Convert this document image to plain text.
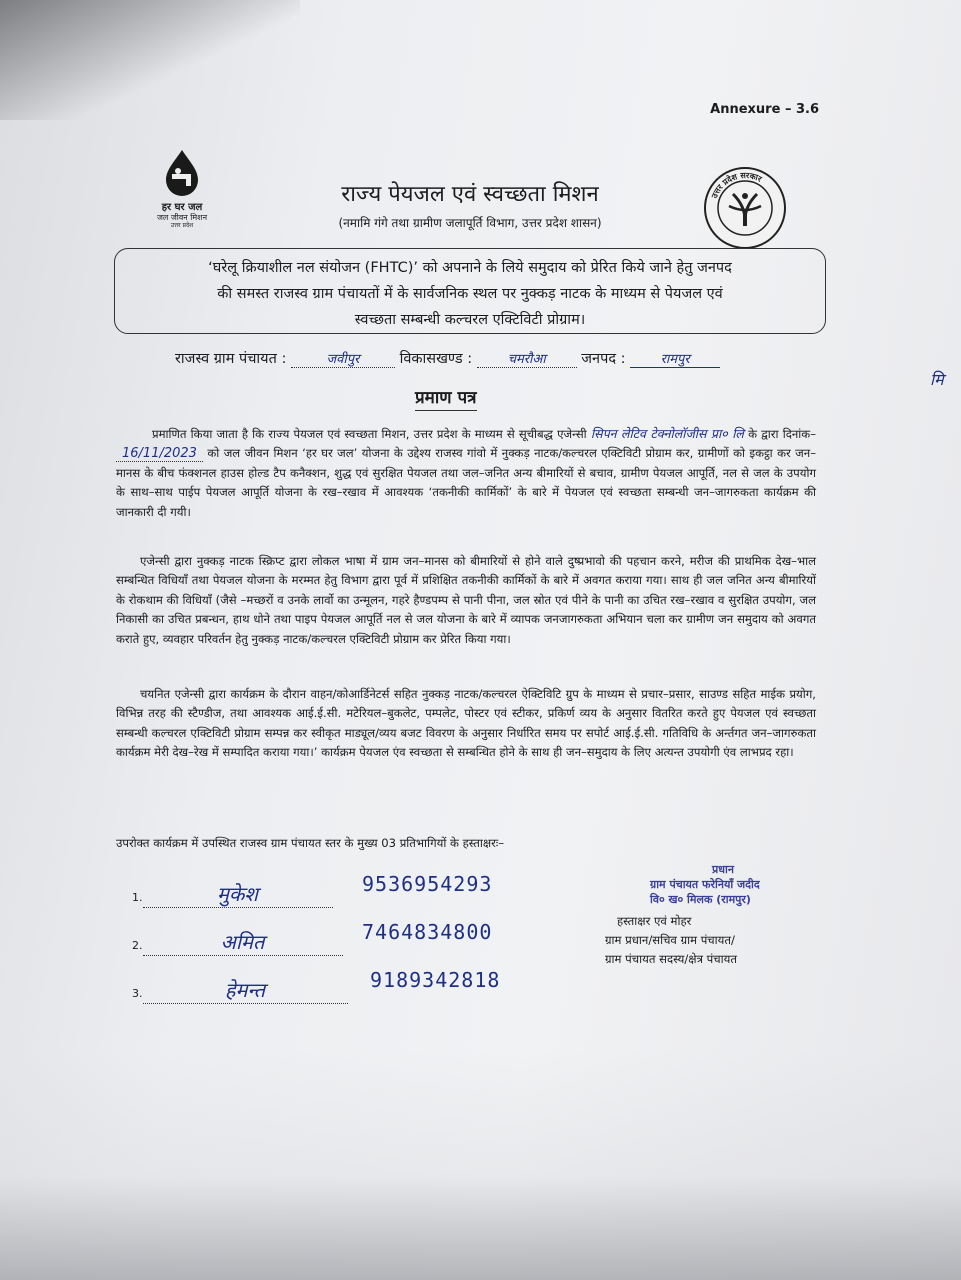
Annexure – 3.6
हर घर जल
जल जीवन मिशन
उत्तर प्रदेश
राज्य पेयजल एवं स्वच्छता मिशन
(नमामि गंगे तथा ग्रामीण जलापूर्ति विभाग, उत्तर प्रदेश शासन)
उत्तर प्रदेश सरकार
‘घरेलू क्रियाशील नल संयोजन (FHTC)’ को अपनाने के लिये समुदाय को प्रेरित किये जाने हेतु जनपद
की समस्त राजस्व ग्राम पंचायतों में के सार्वजनिक स्थल पर नुक्कड़ नाटक के माध्यम से पेयजल एवं
स्वच्छता सम्बन्धी कल्चरल एक्टिविटी प्रोग्राम।
राजस्व ग्राम पंचायत :	जवीपुर	विकासखण्ड :	चमरौआ जनपद :	रामपुर
मि
प्रमाण पत्र
प्रमाणित किया जाता है कि राज्य पेयजल एवं स्वच्छता मिशन, उत्तर प्रदेश के माध्यम से सूचीबद्ध एजेन्सी सिपन लेटिव टेक्नोलॉजीस प्रा० लि के द्वारा दिनांक–16/11/2023 को जल जीवन मिशन ‘हर घर जल’ योजना के उद्देश्य राजस्व गांवो में नुक्कड़ नाटक/कल्चरल एक्टिविटी प्रोग्राम कर, ग्रामीणों को इकट्ठा कर जन–मानस के बीच फंक्शनल हाउस होल्ड टैप कनैक्शन, शुद्ध एवं सुरक्षित पेयजल तथा जल–जनित अन्य बीमारियों से बचाव, ग्रामीण पेयजल आपूर्ति, नल से जल के उपयोग के साथ–साथ पाईप पेयजल आपूर्ति योजना के रख–रखाव में आवश्यक ‘तकनीकी कार्मिकों’ के बारे में पेयजल एवं स्वच्छता सम्बन्धी जन–जागरुकता कार्यक्रम की जानकारी दी गयी।
एजेन्सी द्वारा नुक्कड़ नाटक स्क्रिप्ट द्वारा लोकल भाषा में ग्राम जन–मानस को बीमारियों से होने वाले दुष्प्रभावो की पहचान करने, मरीज की प्राथमिक देख–भाल सम्बन्धित विधियाँ तथा पेयजल योजना के मरम्मत हेतु विभाग द्वारा पूर्व में प्रशिक्षित तकनीकी कार्मिकों के बारे में अवगत कराया गया। साथ ही जल जनित अन्य बीमारियों के रोकथाम की विधियाँ (जैसे –मच्छरों व उनके लार्वो का उन्मूलन, गहरे हैण्डपम्प से पानी पीना, जल स्रोत एवं पीने के पानी का उचित रख–रखाव व सुरक्षित उपयोग, जल निकासी का उचित प्रबन्धन, हाथ धोने तथा पाइप पेयजल आपूर्ति नल से जल योजना के बारे में व्यापक जनजागरुकता अभियान चला कर ग्रामीण जन समुदाय को अवगत कराते हुए, व्यवहार परिवर्तन हेतु नुक्कड़ नाटक/कल्चरल एक्टिविटी प्रोग्राम कर प्रेरित किया गया।
चयनित एजेन्सी द्वारा कार्यक्रम के दौरान वाहन/कोआर्डिनेटर्स सहित नुक्कड़ नाटक/कल्चरल ऐक्टिविटि ग्रुप के माध्यम से प्रचार–प्रसार, साउण्ड सहित माईक प्रयोग, विभिन्न तरह की स्टैण्डीज, तथा आवश्यक आई.ई.सी. मटेरियल–बुकलेट, पम्पलेट, पोस्टर एवं स्टीकर, प्रकिर्ण व्यय के अनुसार वितरित करते हुए पेयजल एवं स्वच्छता सम्बन्धी कल्चरल एक्टिविटी प्रोग्राम सम्पन्न कर स्वीकृत माड्यूल/व्यय बजट विवरण के अनुसार निर्धारित समय पर सपोर्ट आई.ई.सी. गतिविधि के अर्न्तगत जन–जागरुकता कार्यक्रम मेरी देख–रेख में सम्पादित कराया गया।’ कार्यक्रम पेयजल एंव स्वच्छता से सम्बन्धित होने के साथ ही जन–समुदाय के लिए अत्यन्त उपयोगी एंव लाभप्रद रहा।
उपरोक्त कार्यक्रम में उपस्थित राजस्व ग्राम पंचायत स्तर के मुख्य 03 प्रतिभागियों के हस्ताक्षरः–
1.	मुकेश	9536954293
2.	अमित	7464834800
3.	हेमन्त	9189342818
प्रधान
ग्राम पंचायत फरेनियाँ जदीद
वि० ख० मिलक (रामपुर)
हस्ताक्षर एवं मोहर
ग्राम प्रधान/सचिव ग्राम पंचायत/
ग्राम पंचायत सदस्य/क्षेत्र पंचायत
